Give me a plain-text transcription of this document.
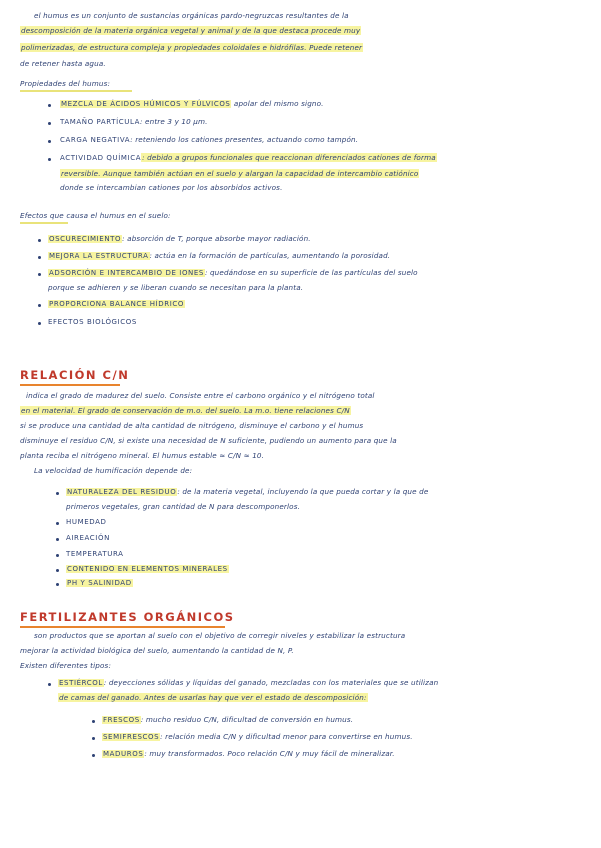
el humus es un conjunto de sustancias orgánicas pardo-negruzcas resultantes de la
descomposición de la materia orgánica vegetal y animal y de la que destaca procede muy
polimerizadas, de estructura compleja y propiedades coloidales e hidrófilas. Puede retener
de retener hasta agua.
Propiedades del humus:
MEZCLA DE ÁCIDOS HÚMICOS Y FÚLVICOS apolar del mismo signo.
TAMAÑO PARTÍCULA: entre 3 y 10 µm.
CARGA NEGATIVA: reteniendo los cationes presentes, actuando como tampón.
ACTIVIDAD QUÍMICA: debido a grupos funcionales que reaccionan diferenciados cationes de forma
reversible. Aunque también actúan en el suelo y alargan la capacidad de intercambio catiónico
donde se intercambian cationes por los absorbidos activos.
Efectos que causa el humus en el suelo:
OSCURECIMIENTO: absorción de T, porque absorbe mayor radiación.
MEJORA LA ESTRUCTURA: actúa en la formación de partículas, aumentando la porosidad.
ADSORCIÓN E INTERCAMBIO DE IONES: quedándose en su superficie de las partículas del suelo
porque se adhieren y se liberan cuando se necesitan para la planta.
PROPORCIONA BALANCE HÍDRICO
EFECTOS BIOLÓGICOS
RELACIÓN C/N
indica el grado de madurez del suelo. Consiste entre el carbono orgánico y el nitrógeno total
en el material. El grado de conservación de m.o. del suelo. La m.o. tiene relaciones C/N
si se produce una cantidad de alta cantidad de nitrógeno, disminuye el carbono y el humus
disminuye el residuo C/N, si existe una necesidad de N suficiente, pudiendo un aumento para que la
planta reciba el nitrógeno mineral. El humus estable ≈ C/N ≈ 10.
La velocidad de humificación depende de:
NATURALEZA DEL RESIDUO: de la materia vegetal, incluyendo la que pueda cortar y la que de
primeros vegetales, gran cantidad de N para descomponerlos.
HUMEDAD
AIREACIÓN
TEMPERATURA
CONTENIDO EN ELEMENTOS MINERALES
PH Y SALINIDAD
FERTILIZANTES ORGÁNICOS
son productos que se aportan al suelo con el objetivo de corregir niveles y estabilizar la estructura
mejorar la actividad biológica del suelo, aumentando la cantidad de N, P.
Existen diferentes tipos:
ESTIÉRCOL: deyecciones sólidas y líquidas del ganado, mezcladas con los materiales que se utilizan
de camas del ganado. Antes de usarlas hay que ver el estado de descomposición:
FRESCOS: mucho residuo C/N, dificultad de conversión en humus.
SEMIFRESCOS: relación media C/N y dificultad menor para convertirse en humus.
MADUROS: muy transformados. Poco relación C/N y muy fácil de mineralizar.
